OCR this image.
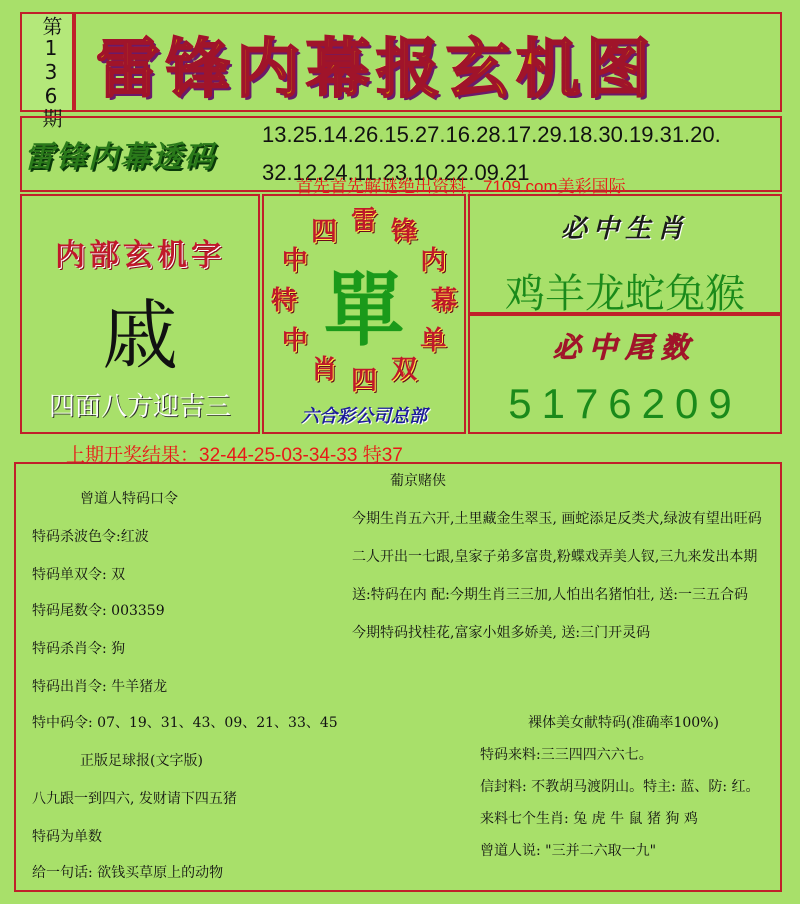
第136期 雷锋内幕报玄机图
雷锋内幕透码
13.25.14.26.15.27.16.28.17.29.18.30.19.31.20.
32.12.24.11.23.10.22.09.21
首先首先解谜绝出资料，7109.com美彩国际
内部玄机字
戚
四面八方迎吉三
雷 锋
内
幕
单
双
四
肖
中
特
中
四
單
六合彩公司总部
必中生肖
鸡羊龙蛇兔猴
必中尾数
5176209
上期开奖结果：32-44-25-03-34-33 特37
曾道人特码口令
特码杀波色令:红波
特码单双令: 双
特码尾数令: 003359
特码杀肖令: 狗
特码出肖令: 牛羊猪龙
特中码令: 07、19、31、43、09、21、33、45
正版足球报(文字版)
八九跟一到四六, 发财请下四五猪
特码为单数
给一句话: 欲钱买草原上的动物
葡京赌侠
今期生肖五六开,土里藏金生翠玉, 画蛇添足反类犬,绿波有望出旺码
二人开出一七跟,皇家子弟多富贵,粉蝶戏弄美人钗,三九来发出本期
送:特码在内 配:今期生肖三三加,人怕出名猪怕壮, 送:一三五合码
今期特码找桂花,富家小姐多娇美, 送:三门开灵码
裸体美女献特码(准确率100%)
特码来料:三三四四六六七。
信封料: 不教胡马渡阴山。特主: 蓝、防: 红。
来料七个生肖: 兔 虎 牛 鼠 猪 狗 鸡
曾道人说: "三并二六取一九"
